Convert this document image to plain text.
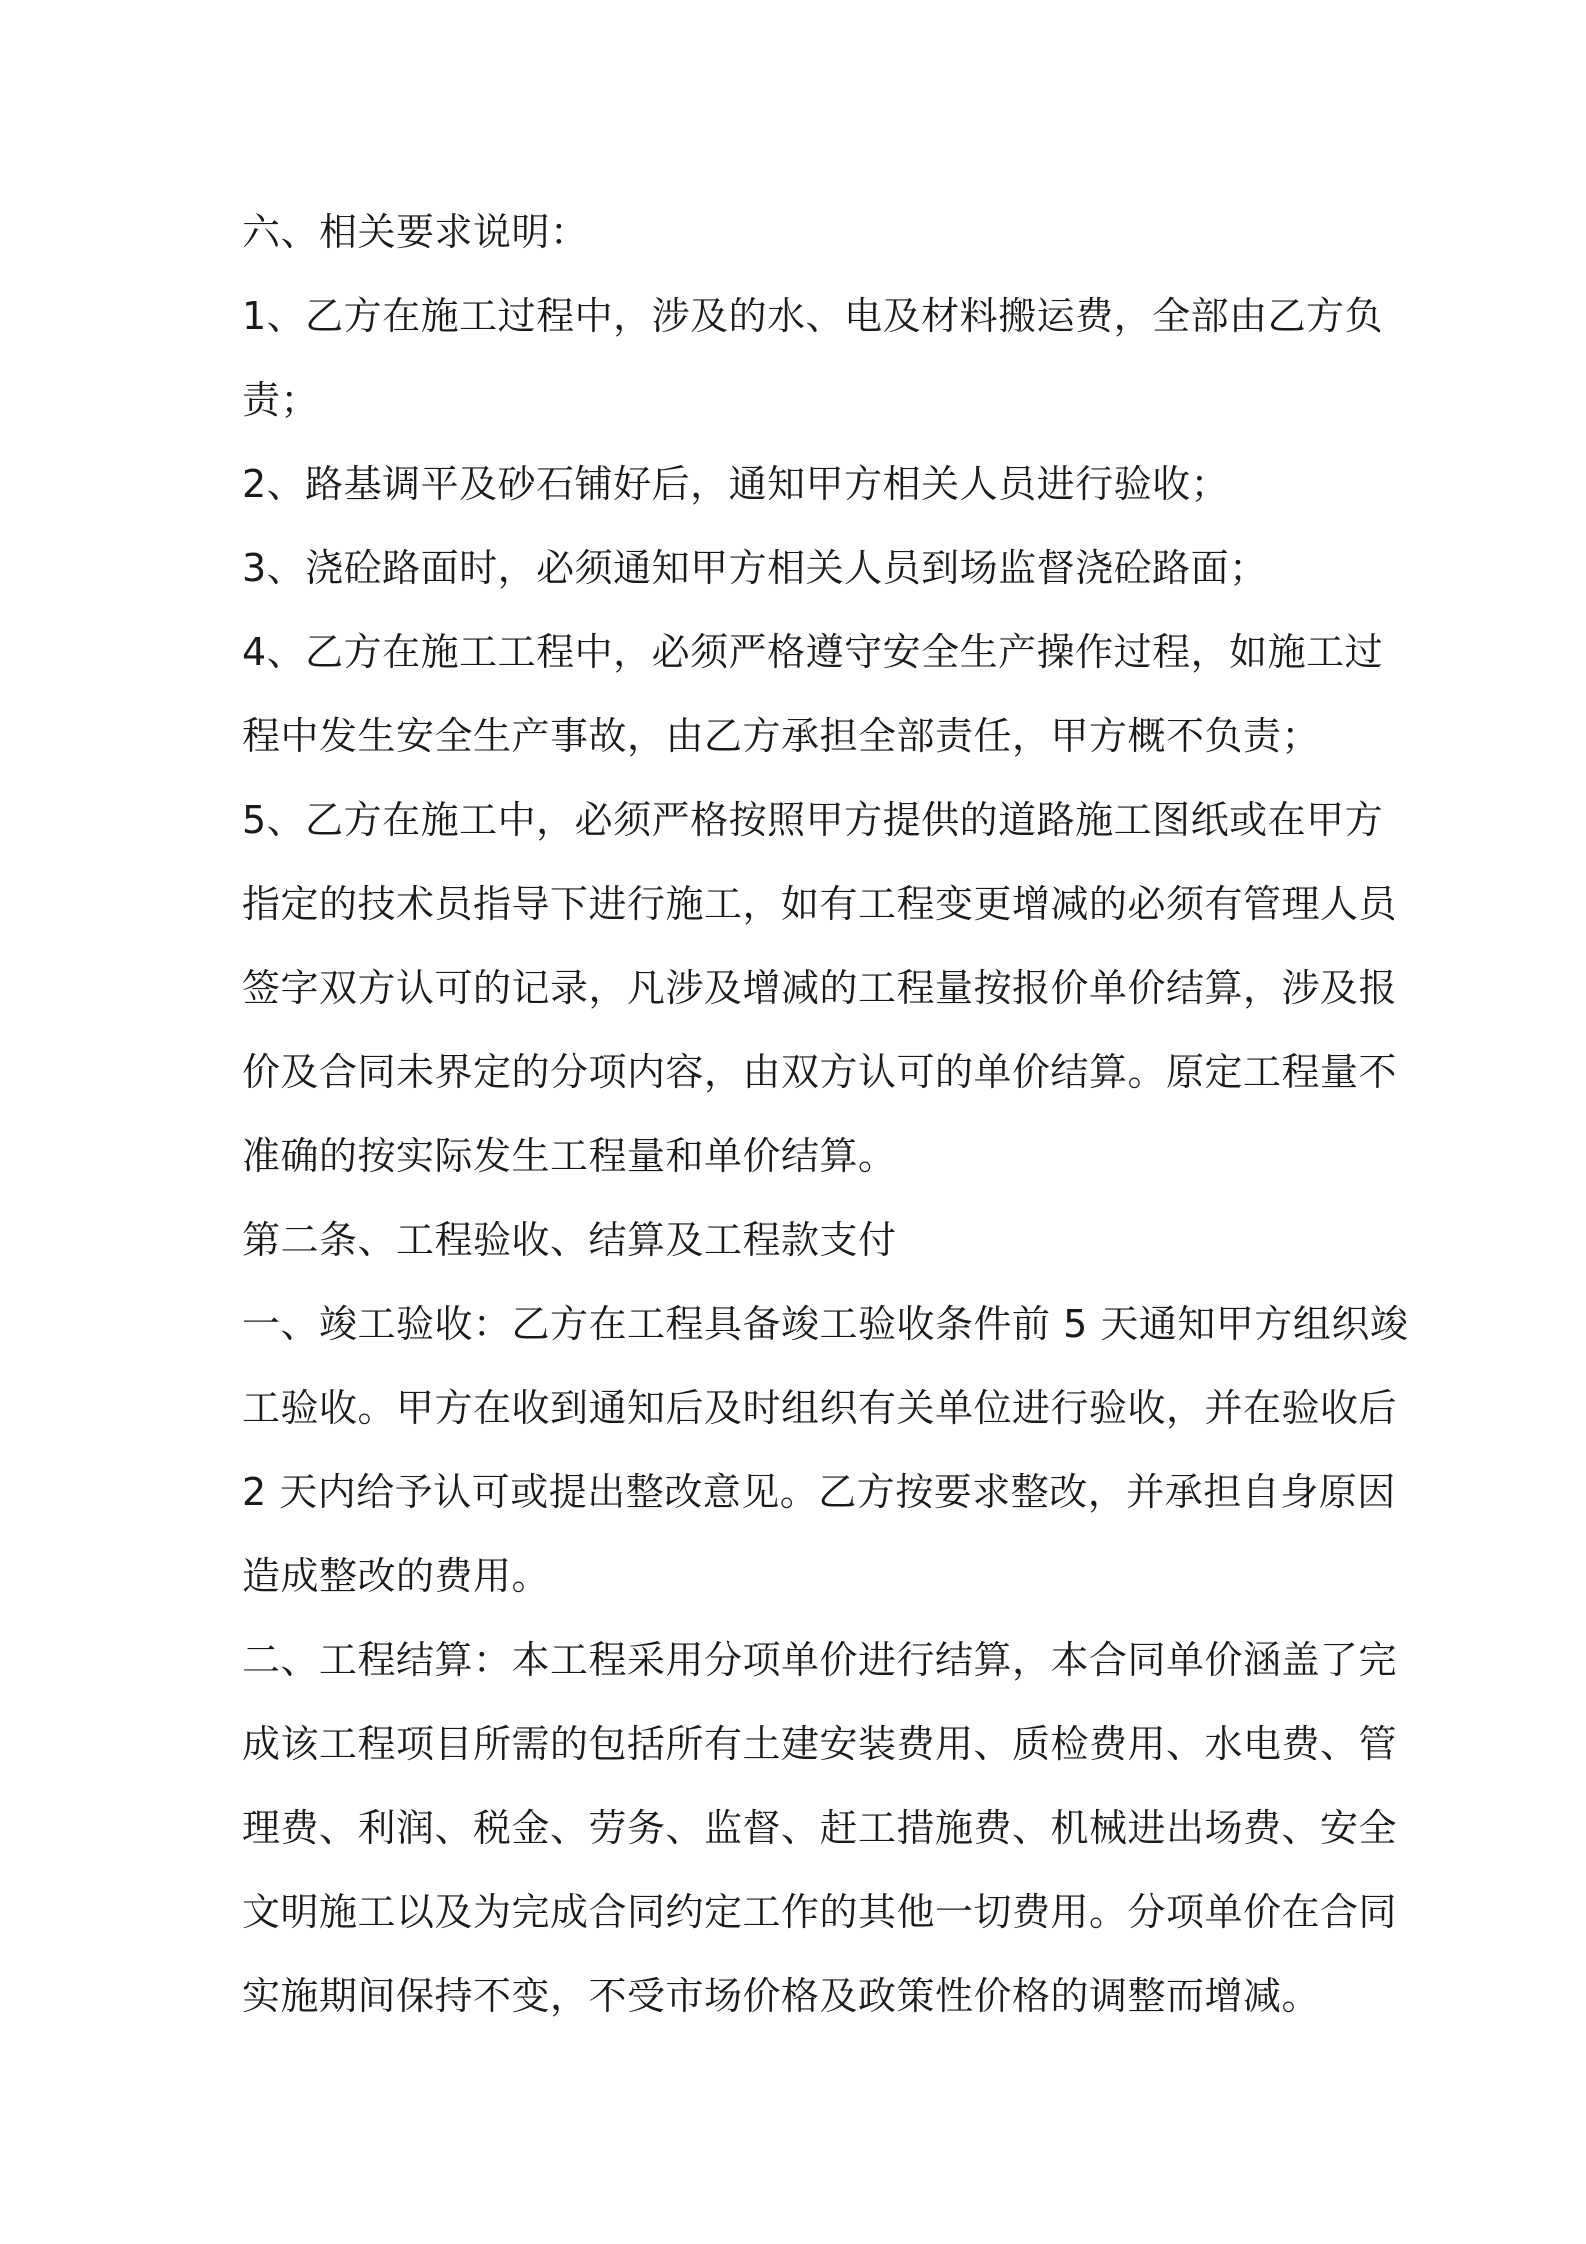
六、相关要求说明：

1、乙方在施工过程中，涉及的水、电及材料搬运费，全部由乙方负

责；

2、路基调平及砂石铺好后，通知甲方相关人员进行验收；

3、浇砼路面时，必须通知甲方相关人员到场监督浇砼路面；

4、乙方在施工工程中，必须严格遵守安全生产操作过程，如施工过

程中发生安全生产事故，由乙方承担全部责任，甲方概不负责；

5、乙方在施工中，必须严格按照甲方提供的道路施工图纸或在甲方

指定的技术员指导下进行施工，如有工程变更增减的必须有管理人员

签字双方认可的记录，凡涉及增减的工程量按报价单价结算，涉及报

价及合同未界定的分项内容，由双方认可的单价结算。原定工程量不

准确的按实际发生工程量和单价结算。

第二条、工程验收、结算及工程款支付

一、竣工验收：乙方在工程具备竣工验收条件前 5 天通知甲方组织竣

工验收。甲方在收到通知后及时组织有关单位进行验收，并在验收后

2 天内给予认可或提出整改意见。乙方按要求整改，并承担自身原因

造成整改的费用。

二、工程结算：本工程采用分项单价进行结算，本合同单价涵盖了完

成该工程项目所需的包括所有土建安装费用、质检费用、水电费、管

理费、利润、税金、劳务、监督、赶工措施费、机械进出场费、安全

文明施工以及为完成合同约定工作的其他一切费用。分项单价在合同

实施期间保持不变，不受市场价格及政策性价格的调整而增减。
